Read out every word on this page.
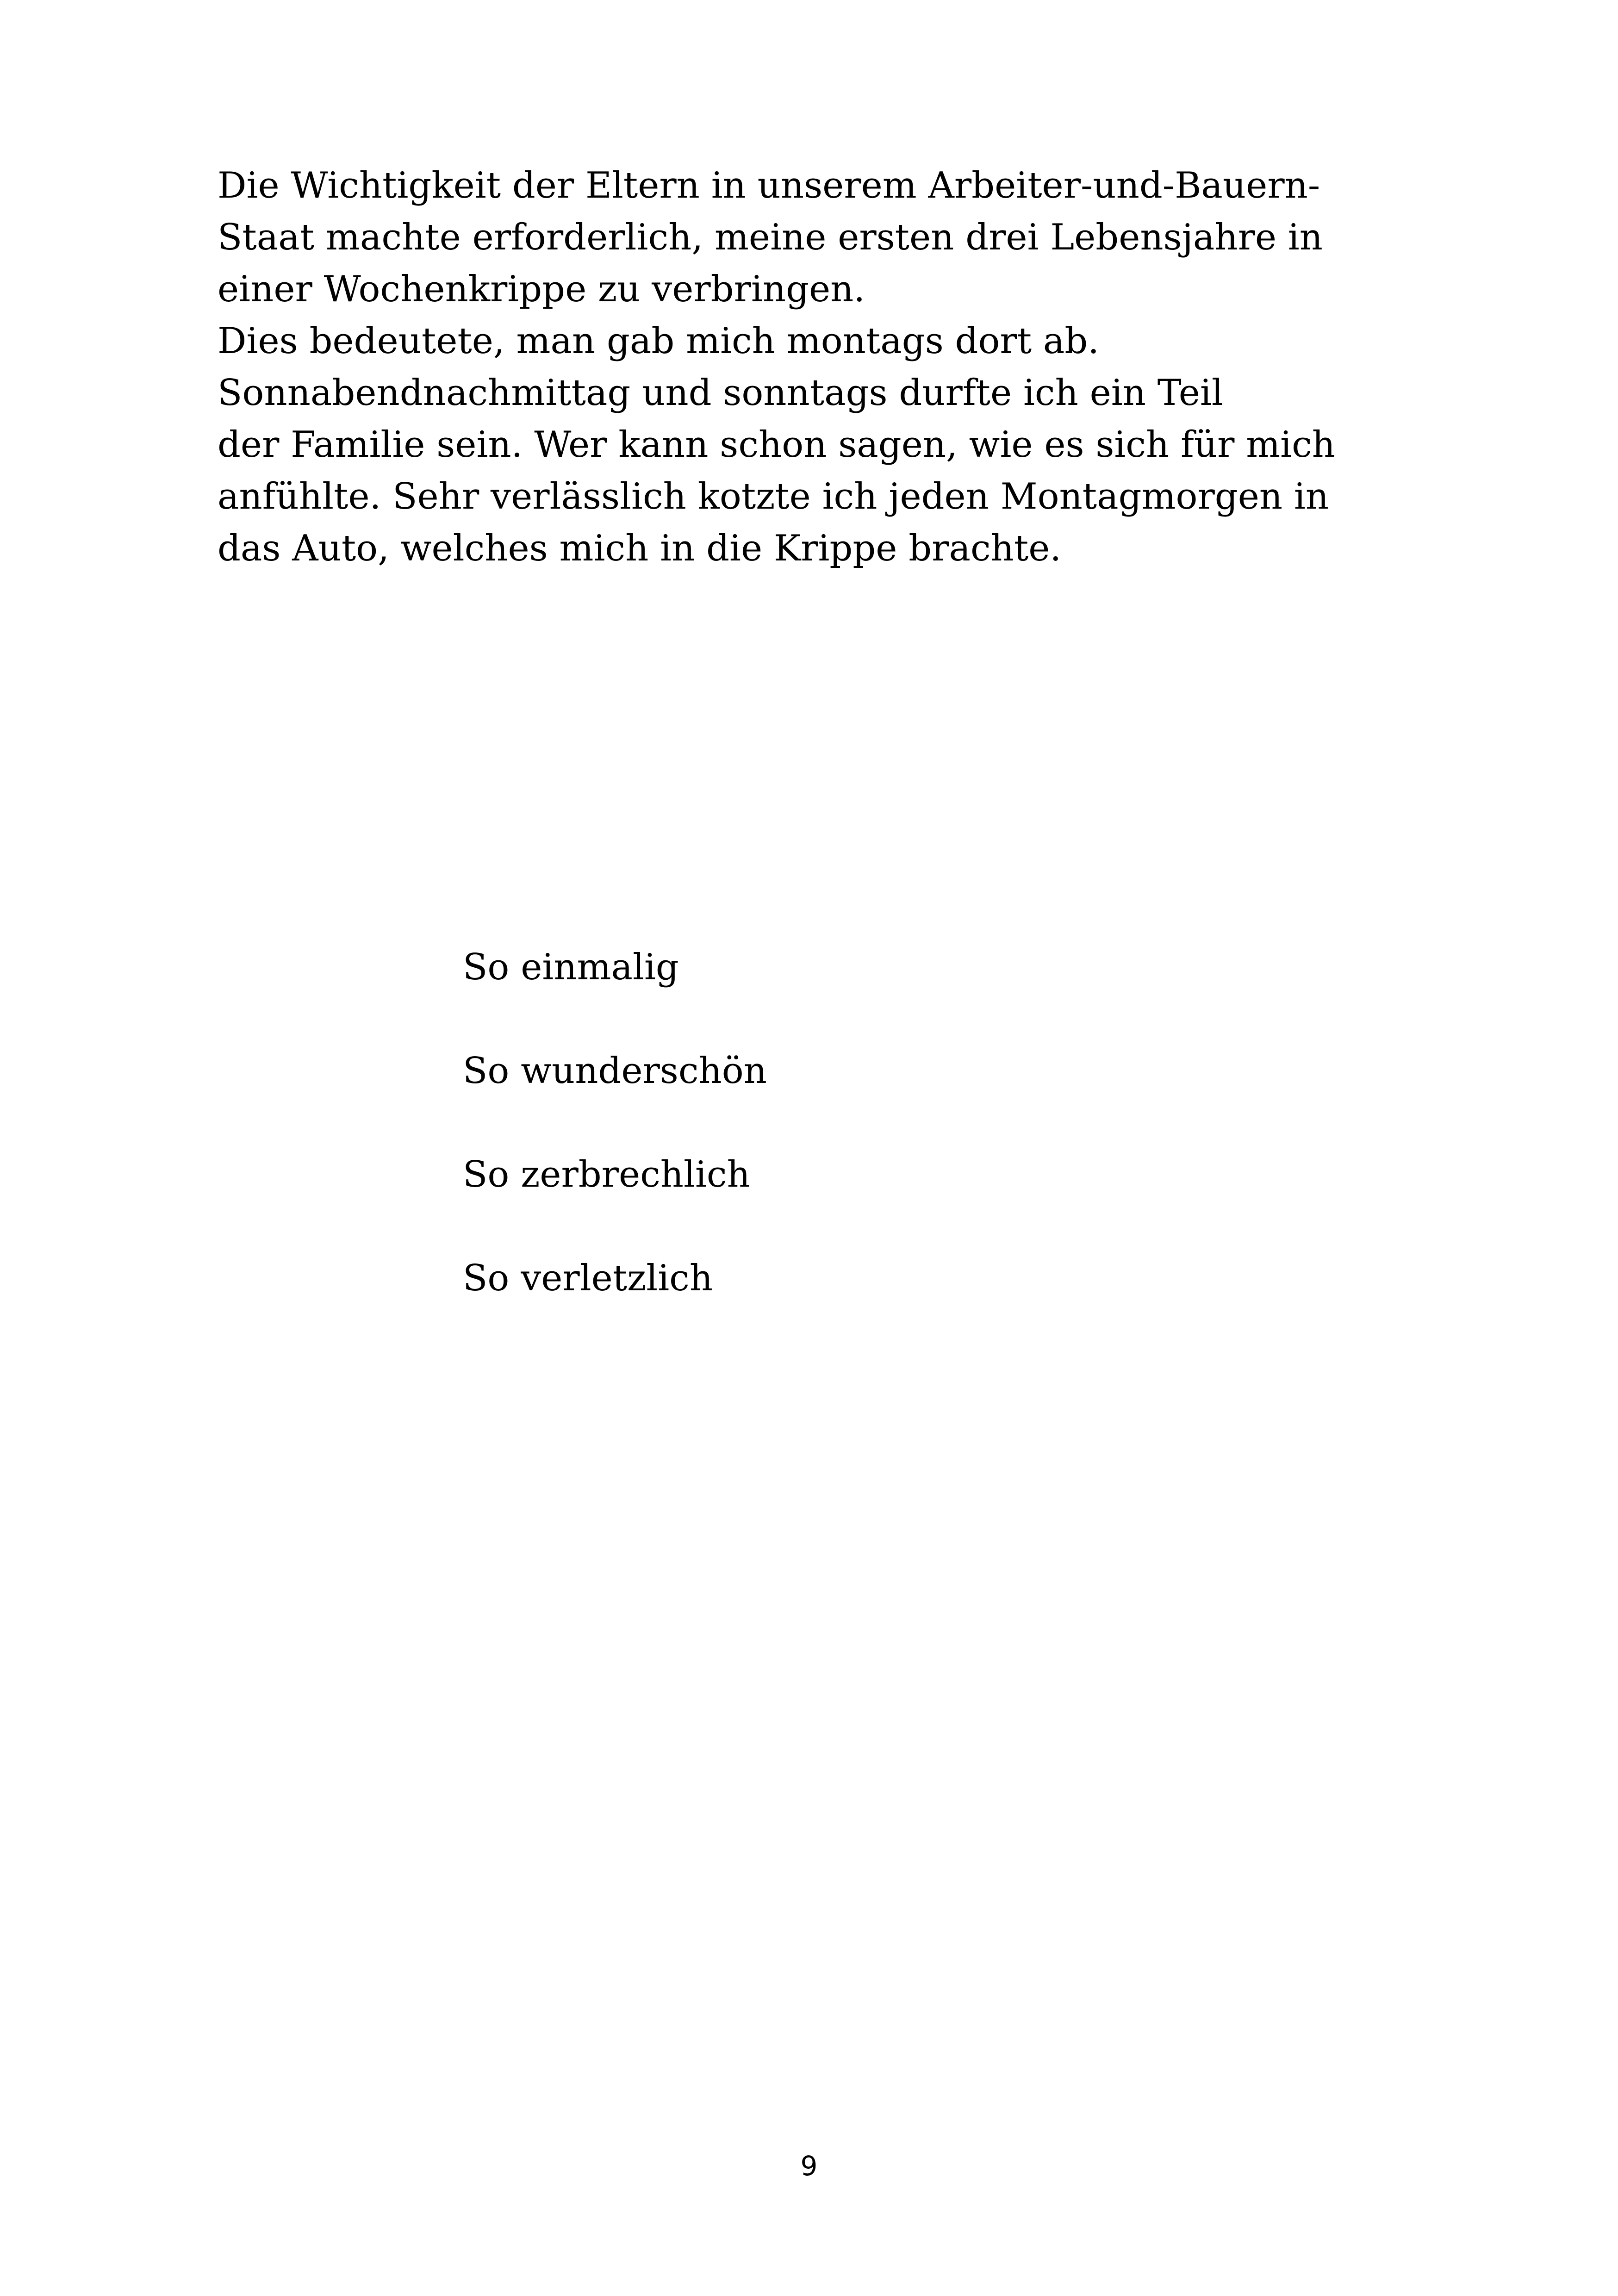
Die Wichtigkeit der Eltern in unserem Arbeiter-und-Bauern-
Staat machte erforderlich, meine ersten drei Lebensjahre in
einer Wochenkrippe zu verbringen.
Dies bedeutete, man gab mich montags dort ab.
Sonnabendnachmittag und sonntags durfte ich ein Teil
der Familie sein. Wer kann schon sagen, wie es sich für mich
anfühlte. Sehr verlässlich kotzte ich jeden Montagmorgen in
das Auto, welches mich in die Krippe brachte.
So einmalig
So wunderschön
So zerbrechlich
So verletzlich
9
